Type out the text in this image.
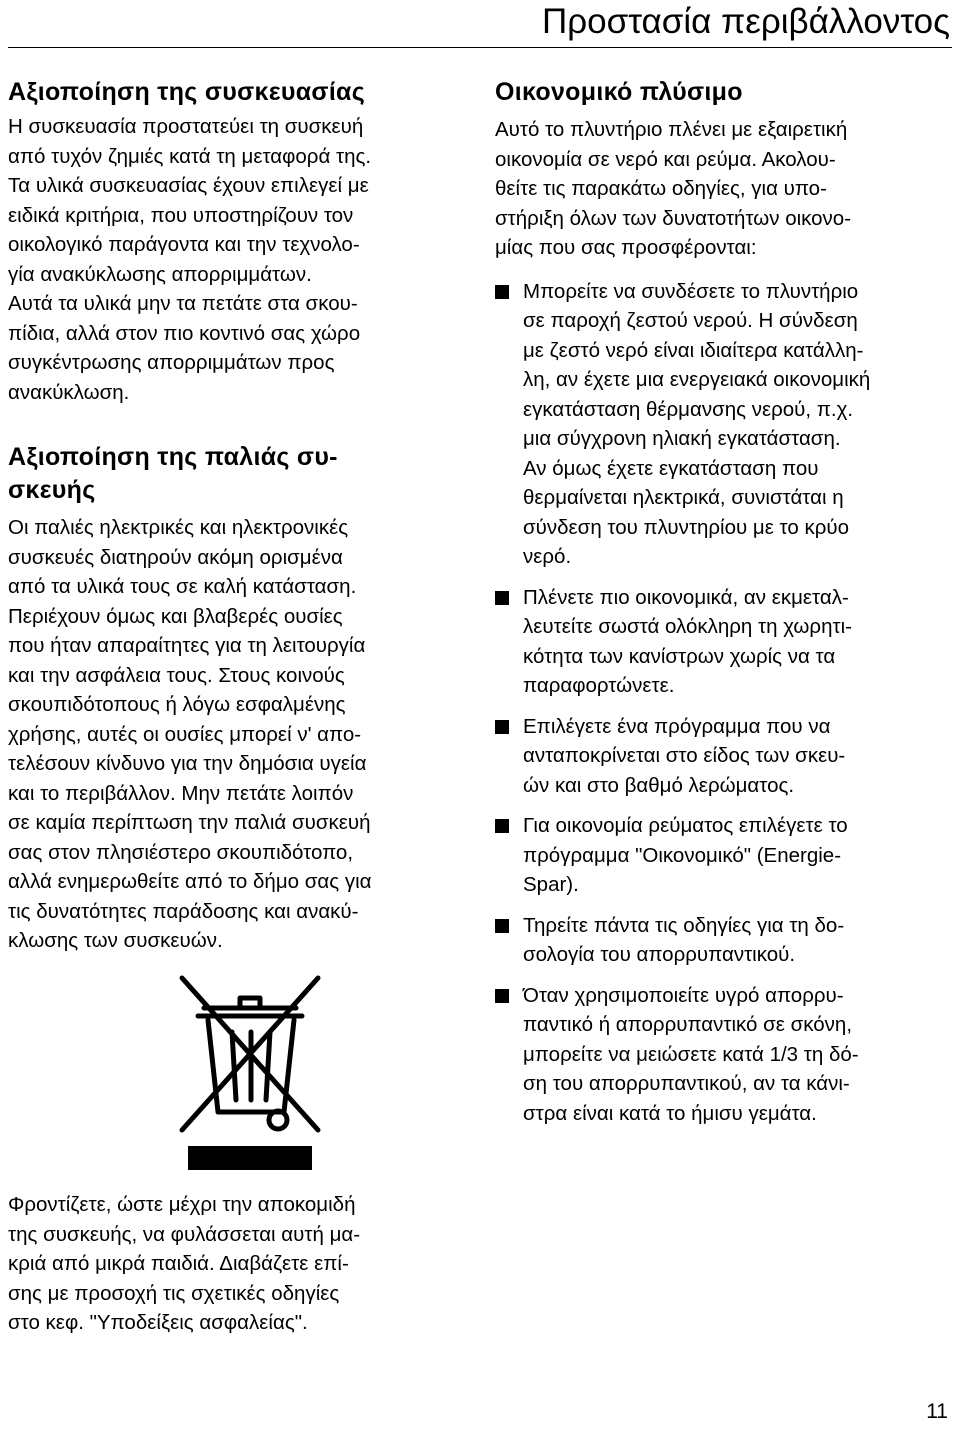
Προστασία περιβάλλοντος
Αξιοποίηση της συσκευασίας
Η συσκευασία προστατεύει τη συσκευή
από τυχόν ζημιές κατά τη μεταφορά της.
Τα υλικά συσκευασίας έχουν επιλεγεί με
ειδικά κριτήρια, που υποστηρίζουν τον
οικολογικό παράγοντα και την τεχνολο-
γία ανακύκλωσης απορριμμάτων.
Αυτά τα υλικά μην τα πετάτε στα σκου-
πίδια, αλλά στον πιο κοντινό σας χώρο
συγκέντρωσης απορριμμάτων προς
ανακύκλωση.
Αξιοποίηση της παλιάς συ-
σκευής
Οι παλιές ηλεκτρικές και ηλεκτρονικές
συσκευές διατηρούν ακόμη ορισμένα
από τα υλικά τους σε καλή κατάσταση.
Περιέχουν όμως και βλαβερές ουσίες
που ήταν απαραίτητες για τη λειτουργία
και την ασφάλεια τους. Στους κοινούς
σκουπιδότοπους ή λόγω εσφαλμένης
χρήσης, αυτές οι ουσίες μπορεί ν' απο-
τελέσουν κίνδυνο για την δημόσια υγεία
και το περιβάλλον. Μην πετάτε λοιπόν
σε καμία περίπτωση την παλιά συσκευή
σας στον πλησιέστερο σκουπιδότοπο,
αλλά ενημερωθείτε από το δήμο σας για
τις δυνατότητες παράδοσης και ανακύ-
κλωσης των συσκευών.
Φροντίζετε, ώστε μέχρι την αποκομιδή
της συσκευής, να φυλάσσεται αυτή μα-
κριά από μικρά παιδιά. Διαβάζετε επί-
σης με προσοχή τις σχετικές οδηγίες
στο κεφ. "Υποδείξεις ασφαλείας".
Οικονομικό πλύσιμο
Αυτό το πλυντήριο πλένει με εξαιρετική
οικονομία σε νερό και ρεύμα. Ακολου-
θείτε τις παρακάτω οδηγίες, για υπο-
στήριξη όλων των δυνατοτήτων οικονο-
μίας που σας προσφέρονται:
Μπορείτε να συνδέσετε το πλυντήριο
σε παροχή ζεστού νερού. Η σύνδεση
με ζεστό νερό είναι ιδιαίτερα κατάλλη-
λη, αν έχετε μια ενεργειακά οικονομική
εγκατάσταση θέρμανσης νερού, π.χ.
μια σύγχρονη ηλιακή εγκατάσταση.
Αν όμως έχετε εγκατάσταση που
θερμαίνεται ηλεκτρικά, συνιστάται η
σύνδεση του πλυντηρίου με το κρύο
νερό.
Πλένετε πιο οικονομικά, αν εκμεταλ-
λευτείτε σωστά ολόκληρη τη χωρητι-
κότητα των κανίστρων χωρίς να τα
παραφορτώνετε.
Επιλέγετε ένα πρόγραμμα που να
ανταποκρίνεται στο είδος των σκευ-
ών και στο βαθμό λερώματος.
Για οικονομία ρεύματος επιλέγετε το
πρόγραμμα "Οικονομικό" (Energie-
Spar).
Τηρείτε πάντα τις οδηγίες για τη δο-
σολογία του απορρυπαντικού.
Όταν χρησιμοποιείτε υγρό απορρυ-
παντικό ή απορρυπαντικό σε σκόνη,
μπορείτε να μειώσετε κατά 1/3 τη δό-
ση του απορρυπαντικού, αν τα κάνι-
στρα είναι κατά το ήμισυ γεμάτα.
11
